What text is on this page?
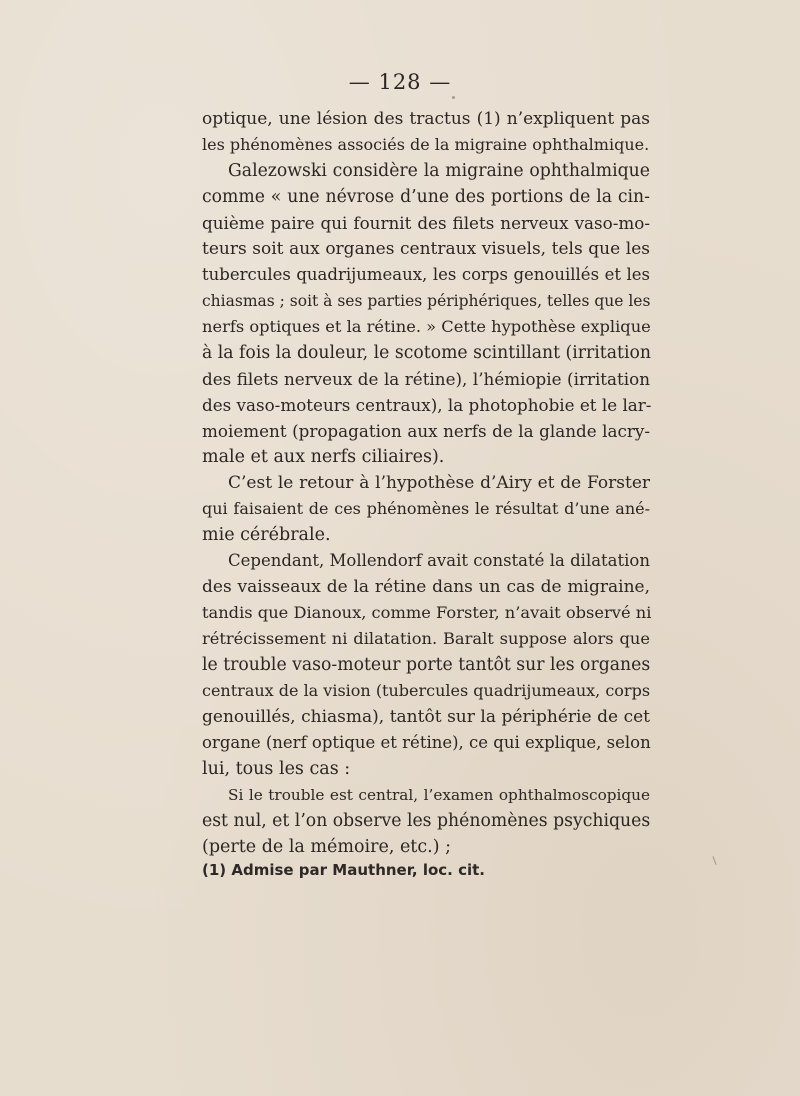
— 128 —
optique, une lésion des tractus (1) n’expliquent pas
les phénomènes associés de la migraine ophthalmique.
Galezowski considère la migraine ophthalmique
comme « une névrose d’une des portions de la cin-
quième paire qui fournit des filets nerveux vaso-mo-
teurs soit aux organes centraux visuels, tels que les
tubercules quadrijumeaux, les corps genouillés et les
chiasmas ; soit à ses parties périphériques, telles que les
nerfs optiques et la rétine. » Cette hypothèse explique
à la fois la douleur, le scotome scintillant (irritation
des filets nerveux de la rétine), l’hémiopie (irritation
des vaso-moteurs centraux), la photophobie et le lar-
moiement (propagation aux nerfs de la glande lacry-
male et aux nerfs ciliaires).
C’est le retour à l’hypothèse d’Airy et de Forster
qui faisaient de ces phénomènes le résultat d’une ané-
mie cérébrale.
Cependant, Mollendorf avait constaté la dilatation
des vaisseaux de la rétine dans un cas de migraine,
tandis que Dianoux, comme Forster, n’avait observé ni
rétrécissement ni dilatation. Baralt suppose alors que
le trouble vaso-moteur porte tantôt sur les organes
centraux de la vision (tubercules quadrijumeaux, corps
genouillés, chiasma), tantôt sur la périphérie de cet
organe (nerf optique et rétine), ce qui explique, selon
lui, tous les cas :
Si le trouble est central, l’examen ophthalmoscopique
est nul, et l’on observe les phénomènes psychiques
(perte de la mémoire, etc.) ;
(1) Admise par Mauthner, loc. cit.
